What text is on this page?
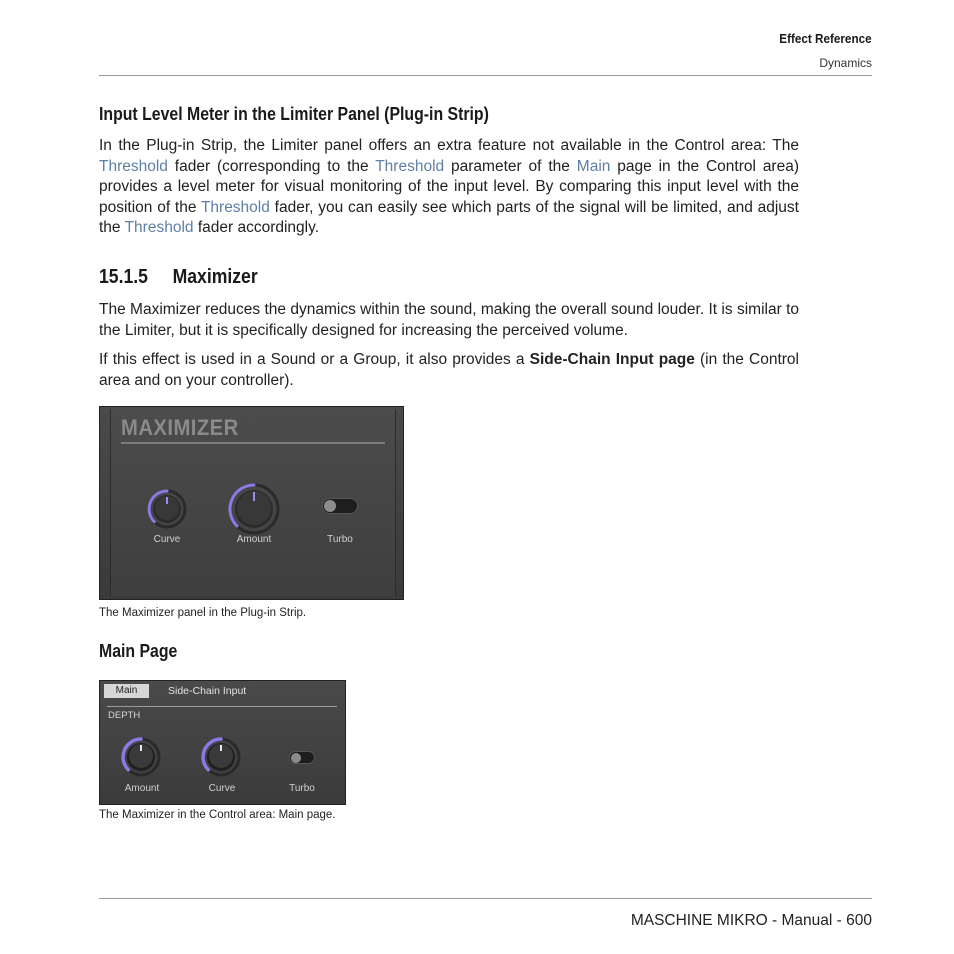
Effect Reference
Dynamics
Input Level Meter in the Limiter Panel (Plug-in Strip)
In the Plug-in Strip, the Limiter panel offers an extra feature not available in the Control area: The Threshold fader (corresponding to the Threshold parameter of the Main page in the Control area) provides a level meter for visual monitoring of the input level. By comparing this input level with the position of the Threshold fader, you can easily see which parts of the signal will be limited, and adjust the Threshold fader accordingly.
15.1.5 Maximizer
The Maximizer reduces the dynamics within the sound, making the overall sound louder. It is similar to the Limiter, but it is specifically designed for increasing the perceived volume.
If this effect is used in a Sound or a Group, it also provides a Side-Chain Input page (in the Control area and on your controller).
MAXIMIZER
Curve	Amount	Turbo
The Maximizer panel in the Plug-in Strip.
Main Page
Main	Side-Chain Input
DEPTH
Amount	Curve	Turbo
The Maximizer in the Control area: Main page.
MASCHINE MIKRO - Manual - 600
